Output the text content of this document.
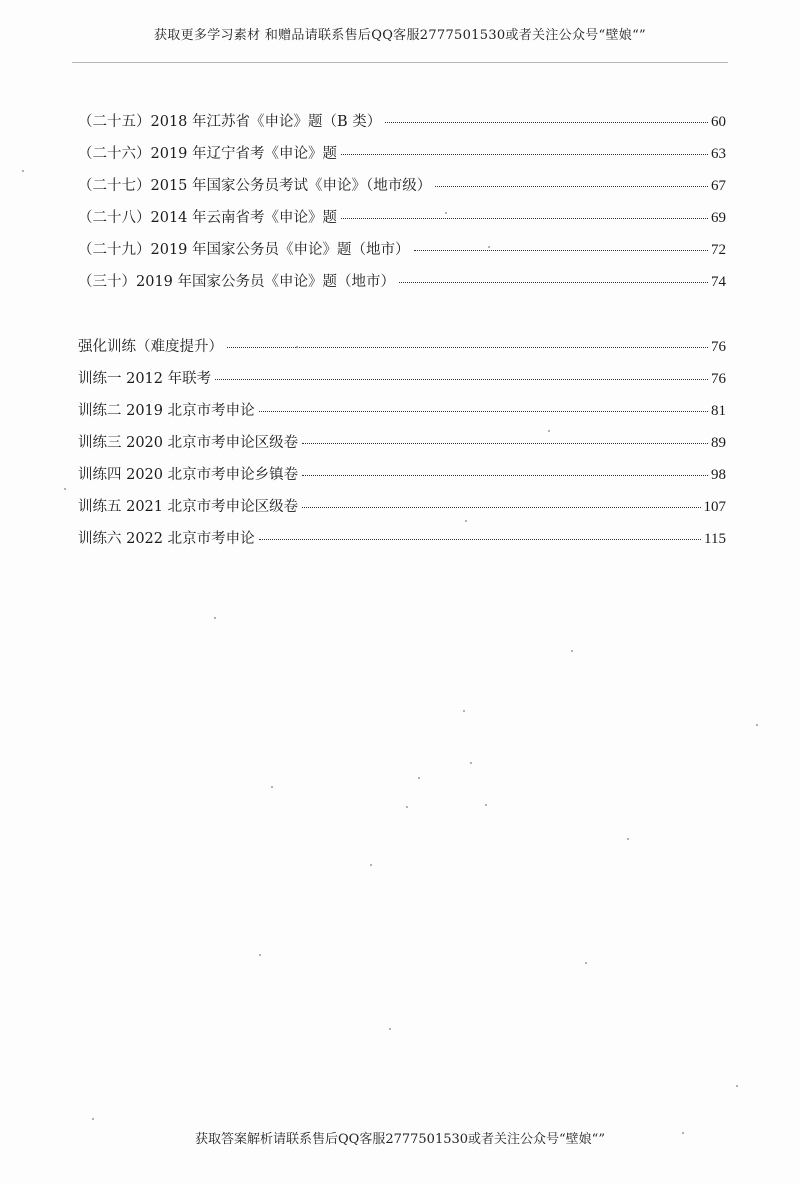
获取更多学习素材 和赠品请联系售后QQ客服2777501530或者关注公众号“壁娘“”
（二十五）2018 年江苏省《申论》题（B 类）	60
（二十六）2019 年辽宁省考《申论》题	63
（二十七）2015 年国家公务员考试《申论》（地市级）	67
（二十八）2014 年云南省考《申论》题	69
（二十九）2019 年国家公务员《申论》题（地市）	72
（三十）2019 年国家公务员《申论》题（地市）	74
强化训练（难度提升）	76
训练一 2012 年联考	76
训练二 2019 北京市考申论	81
训练三 2020 北京市考申论区级卷	89
训练四 2020 北京市考申论乡镇卷	98
训练五 2021 北京市考申论区级卷	107
训练六 2022 北京市考申论	115
获取答案解析请联系售后QQ客服2777501530或者关注公众号“壁娘“”
